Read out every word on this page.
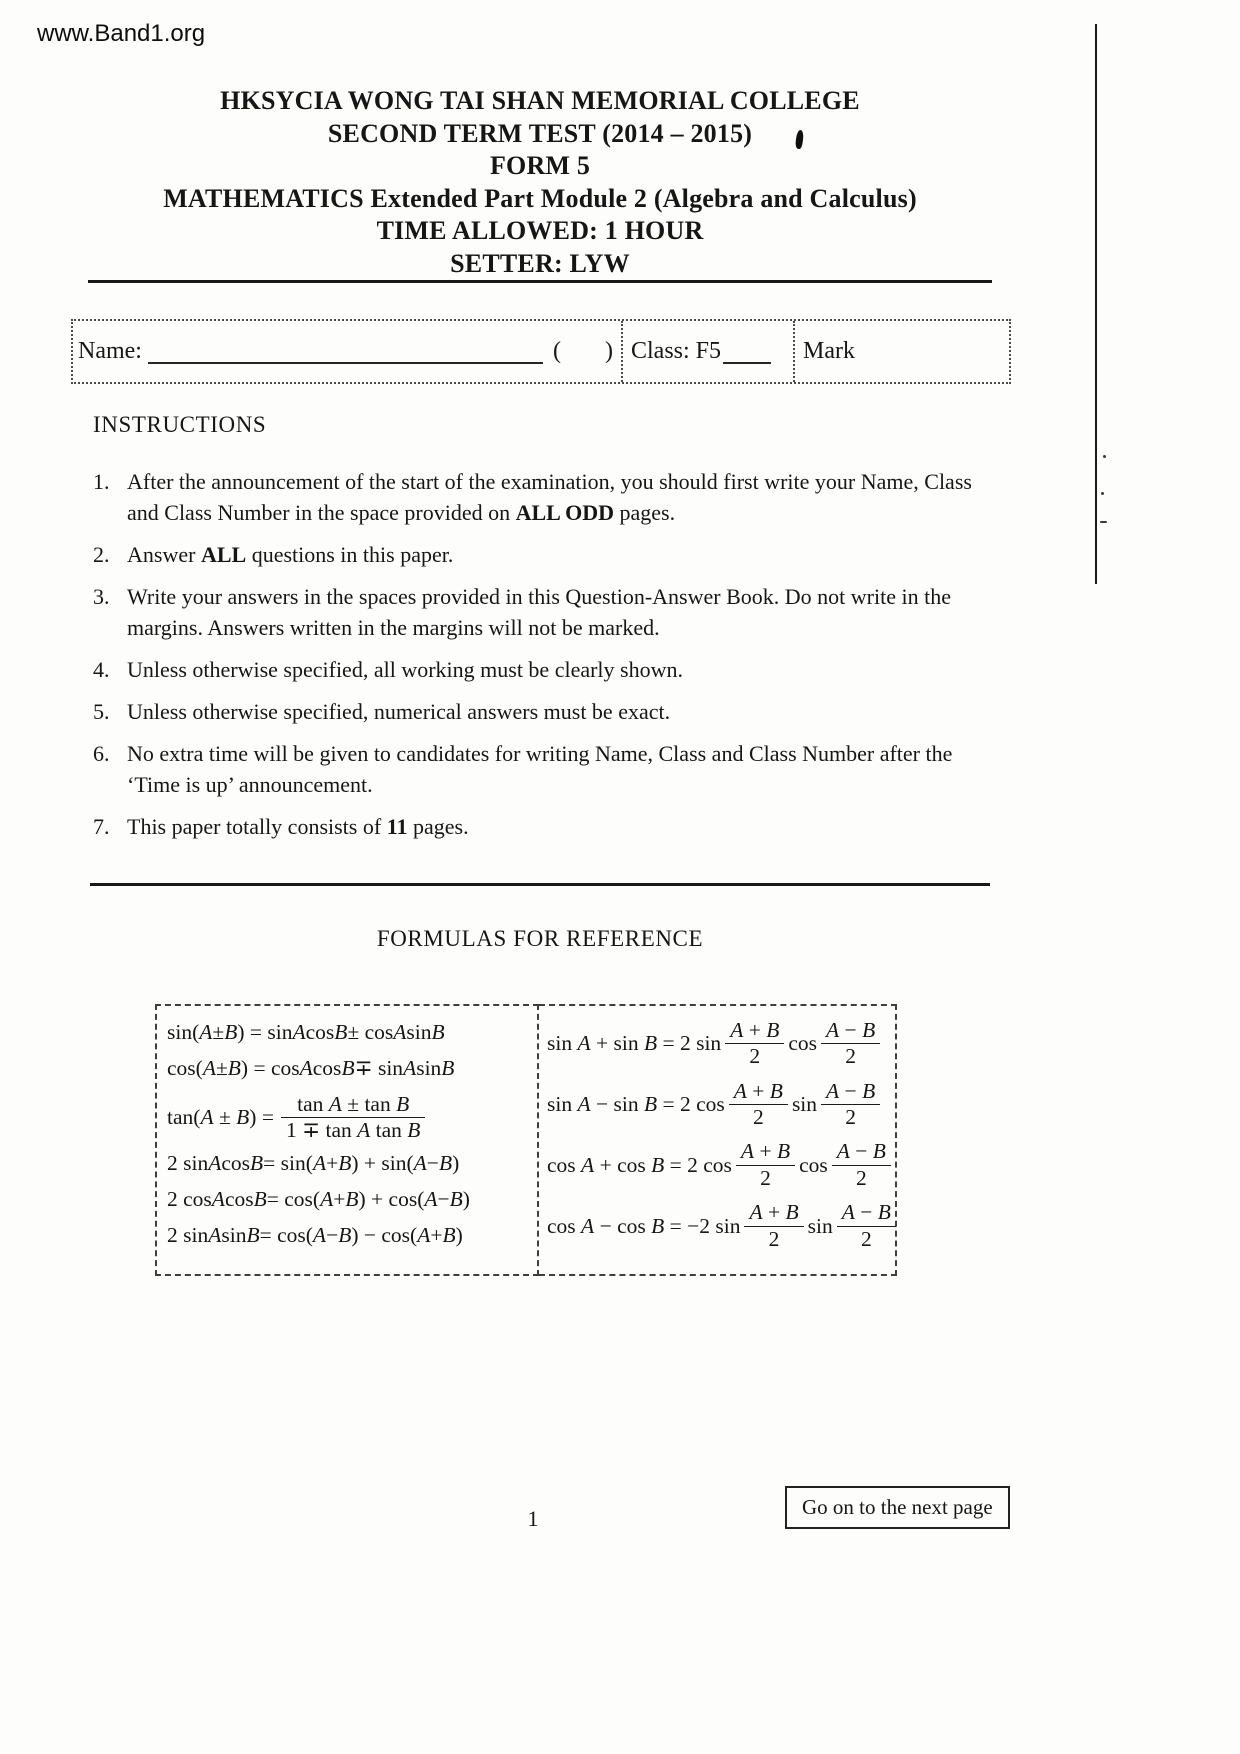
www.Band1.org
HKSYCIA WONG TAI SHAN MEMORIAL COLLEGE
SECOND TERM TEST (2014 – 2015)
FORM 5
MATHEMATICS Extended Part Module 2 (Algebra and Calculus)
TIME ALLOWED: 1 HOUR
SETTER: LYW
Name:	( ) Class: F5	Mark
INSTRUCTIONS
1. After the announcement of the start of the examination, you should first write your Name, Class and Class Number in the space provided on ALL ODD pages.
2. Answer ALL questions in this paper.
3. Write your answers in the spaces provided in this Question-Answer Book. Do not write in the margins. Answers written in the margins will not be marked.
4. Unless otherwise specified, all working must be clearly shown.
5. Unless otherwise specified, numerical answers must be exact.
6. No extra time will be given to candidates for writing Name, Class and Class Number after the ‘Time is up’ announcement.
7. This paper totally consists of 11 pages.
FORMULAS FOR REFERENCE
sin( A ± B ) = sin A cos B ± cos A sin B
cos( A ± B ) = cos A cos B ∓ sin A sin B
$\tan(A \pm B) = \frac{\text{tan A ± tan B}}{\text{1 ∓ tan A tan B}}$
2 sin A cos B = sin( A + B ) + sin( A − B )
2 cos A cos B = cos( A + B ) + cos( A − B )
2 sin A sin B = cos( A − B ) − cos( A + B )
sin A + sin B = 2 $\sin \frac{A + B}{2}$ $\cos \frac{A - B}{2}$
sin A − sin B = 2 $\cos \frac{A + B}{2}$ $\sin \frac{A - B}{2}$
cos A + cos B = 2 $\cos \frac{A + B}{2}$ $\cos \frac{A - B}{2}$
cos A − cos B = −2 $\sin \frac{A + B}{2}$ $\sin \frac{A - B}{2}$
1	Go on to the next page
